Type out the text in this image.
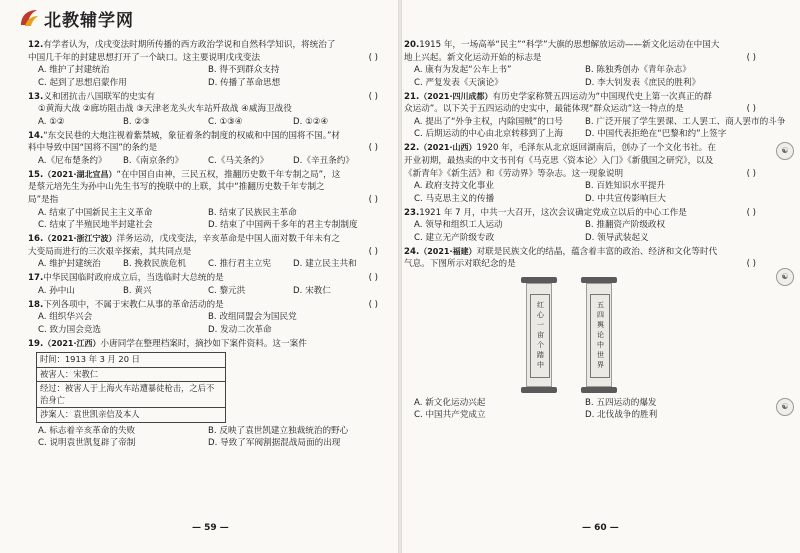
北教辅学网
12.有学者认为，戊戌变法时期所传播的西方政治学说和自然科学知识，将统治了中国几千年的封建思想打开了一个缺口。这主要说明戊戌变法	( )
A. 维护了封建统治	B. 得不到群众支持
C. 起到了思想启蒙作用	D. 传播了革命思想
13.义和团抗击八国联军的史实有	( )
①黄海大战 ②廊坊阻击战 ③天津老龙头火车站歼敌战 ④威海卫战役
A. ①②	B. ②③	C. ①③④	D. ①②④
14.“东交民巷的大炮注视着紫禁城，象征着条约制度的权威和中国的国将不国。”材料中导致中国“国将不国”的条约是	( )
A.《尼布楚条约》	B.《南京条约》	C.《马关条约》	D.《辛丑条约》
15.（2021·湖北宜昌）“在中国自由神，三民五权，推翻历史数千年专制之局”，这是蔡元培先生为孙中山先生书写的挽联中的上联，其中“推翻历史数千年专制之局”是指	( )
A. 结束了中国新民主主义革命	B. 结束了民族民主革命
C. 结束了半殖民地半封建社会	D. 结束了中国两千多年的君主专制制度
16.（2021·浙江宁波）洋务运动，戊戌变法，辛亥革命是中国人面对数千年未有之大变局而进行的三次艰辛探索，其共同点是	( )
A. 维护封建统治	B. 挽救民族危机	C. 推行君主立宪	D. 建立民主共和
17.中华民国临时政府成立后，当选临时大总统的是	( )
A. 孙中山	B. 黄兴	C. 黎元洪	D. 宋教仁
18.下列各项中，不属于宋教仁从事的革命活动的是	( )
A. 组织华兴会	B. 改组同盟会为国民党
C. 致力国会竞选	D. 发动二次革命
19.（2021·江西）小唐同学在整理档案时，摘抄如下案件资料。这一案件
时间：1913 年 3 月 20 日
被害人：宋教仁
经过：被害人于上海火车站遭暴徒枪击，之后不治身亡
涉案人：袁世凯亲信及本人
A. 标志着辛亥革命的失败	B. 反映了袁世凯建立独裁统治的野心
C. 说明袁世凯复辟了帝制	D. 导致了军阀割据混战局面的出现
20.1915 年，一场高举“民主”“科学”大旗的思想解放运动——新文化运动在中国大地上兴起。新文化运动开始的标志是	( )
A. 康有为发起“公车上书”	B. 陈独秀创办《青年杂志》
C. 严复发表《天演论》	D. 李大钊发表《庶民的胜利》
21.（2021·四川成都）有历史学家称赞五四运动为“中国现代史上第一次真正的群众运动”。以下关于五四运动的史实中，最能体现“群众运动”这一特点的是	( )
A. 提出了“外争主权，内除国贼”的口号	B. 广泛开展了学生罢课、工人罢工、商人罢市的斗争
C. 后期运动的中心由北京转移到了上海	D. 中国代表拒绝在“巴黎和约”上签字
22.（2021·山西）1920 年，毛泽东从北京返回湖南后，创办了一个文化书社。在开业初期，最热卖的中文书刊有《马克思〈资本论〉入门》《新俄国之研究》，以及《新青年》《新生活》和《劳动界》等杂志。这一现象说明	( )
A. 政府支持文化事业	B. 百姓知识水平提升
C. 马克思主义的传播	D. 中共宣传影响巨大
23.1921 年 7 月，中共一大召开，这次会议确定党成立以后的中心工作是	( )
A. 领导和组织工人运动	B. 推翻资产阶级政权
C. 建立无产阶级专政	D. 领导武装起义
24.（2021·福建）对联是民族文化的结晶，蕴含着丰富的政治、经济和文化等时代气息。下图所示对联纪念的是	( )
红心一亩个踏中	五四舆论中世界
A. 新文化运动兴起	B. 五四运动的爆发
C. 中国共产党成立	D. 北伐战争的胜利
— 59 —	— 60 —
☯
☯
☯
